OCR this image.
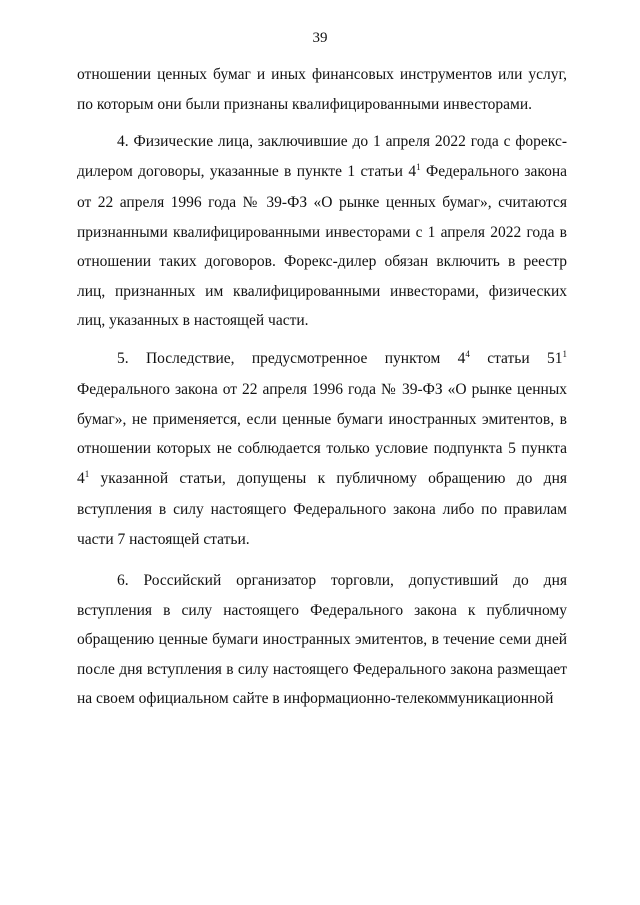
39

отношении ценных бумаг и иных финансовых инструментов или услуг, по которым они были признаны квалифицированными инвесторами.

4. Физические лица, заключившие до 1 апреля 2022 года с форекс-дилером договоры, указанные в пункте 1 статьи $4^1$ Федерального закона от 22 апреля 1996 года № 39-ФЗ «О рынке ценных бумаг», считаются признанными квалифицированными инвесторами с 1 апреля 2022 года в отношении таких договоров. Форекс-дилер обязан включить в реестр лиц, признанных им квалифицированными инвесторами, физических лиц, указанных в настоящей части.

5. Последствие, предусмотренное пунктом $4^4$ статьи $51^1$ Федерального закона от 22 апреля 1996 года № 39-ФЗ «О рынке ценных бумаг», не применяется, если ценные бумаги иностранных эмитентов, в отношении которых не соблюдается только условие подпункта 5 пункта $4^1$ указанной статьи, допущены к публичному обращению до дня вступления в силу настоящего Федерального закона либо по правилам части 7 настоящей статьи.

6. Российский организатор торговли, допустивший до дня вступления в силу настоящего Федерального закона к публичному обращению ценные бумаги иностранных эмитентов, в течение семи дней после дня вступления в силу настоящего Федерального закона размещает на своем официальном сайте в информационно-телекоммуникационной
